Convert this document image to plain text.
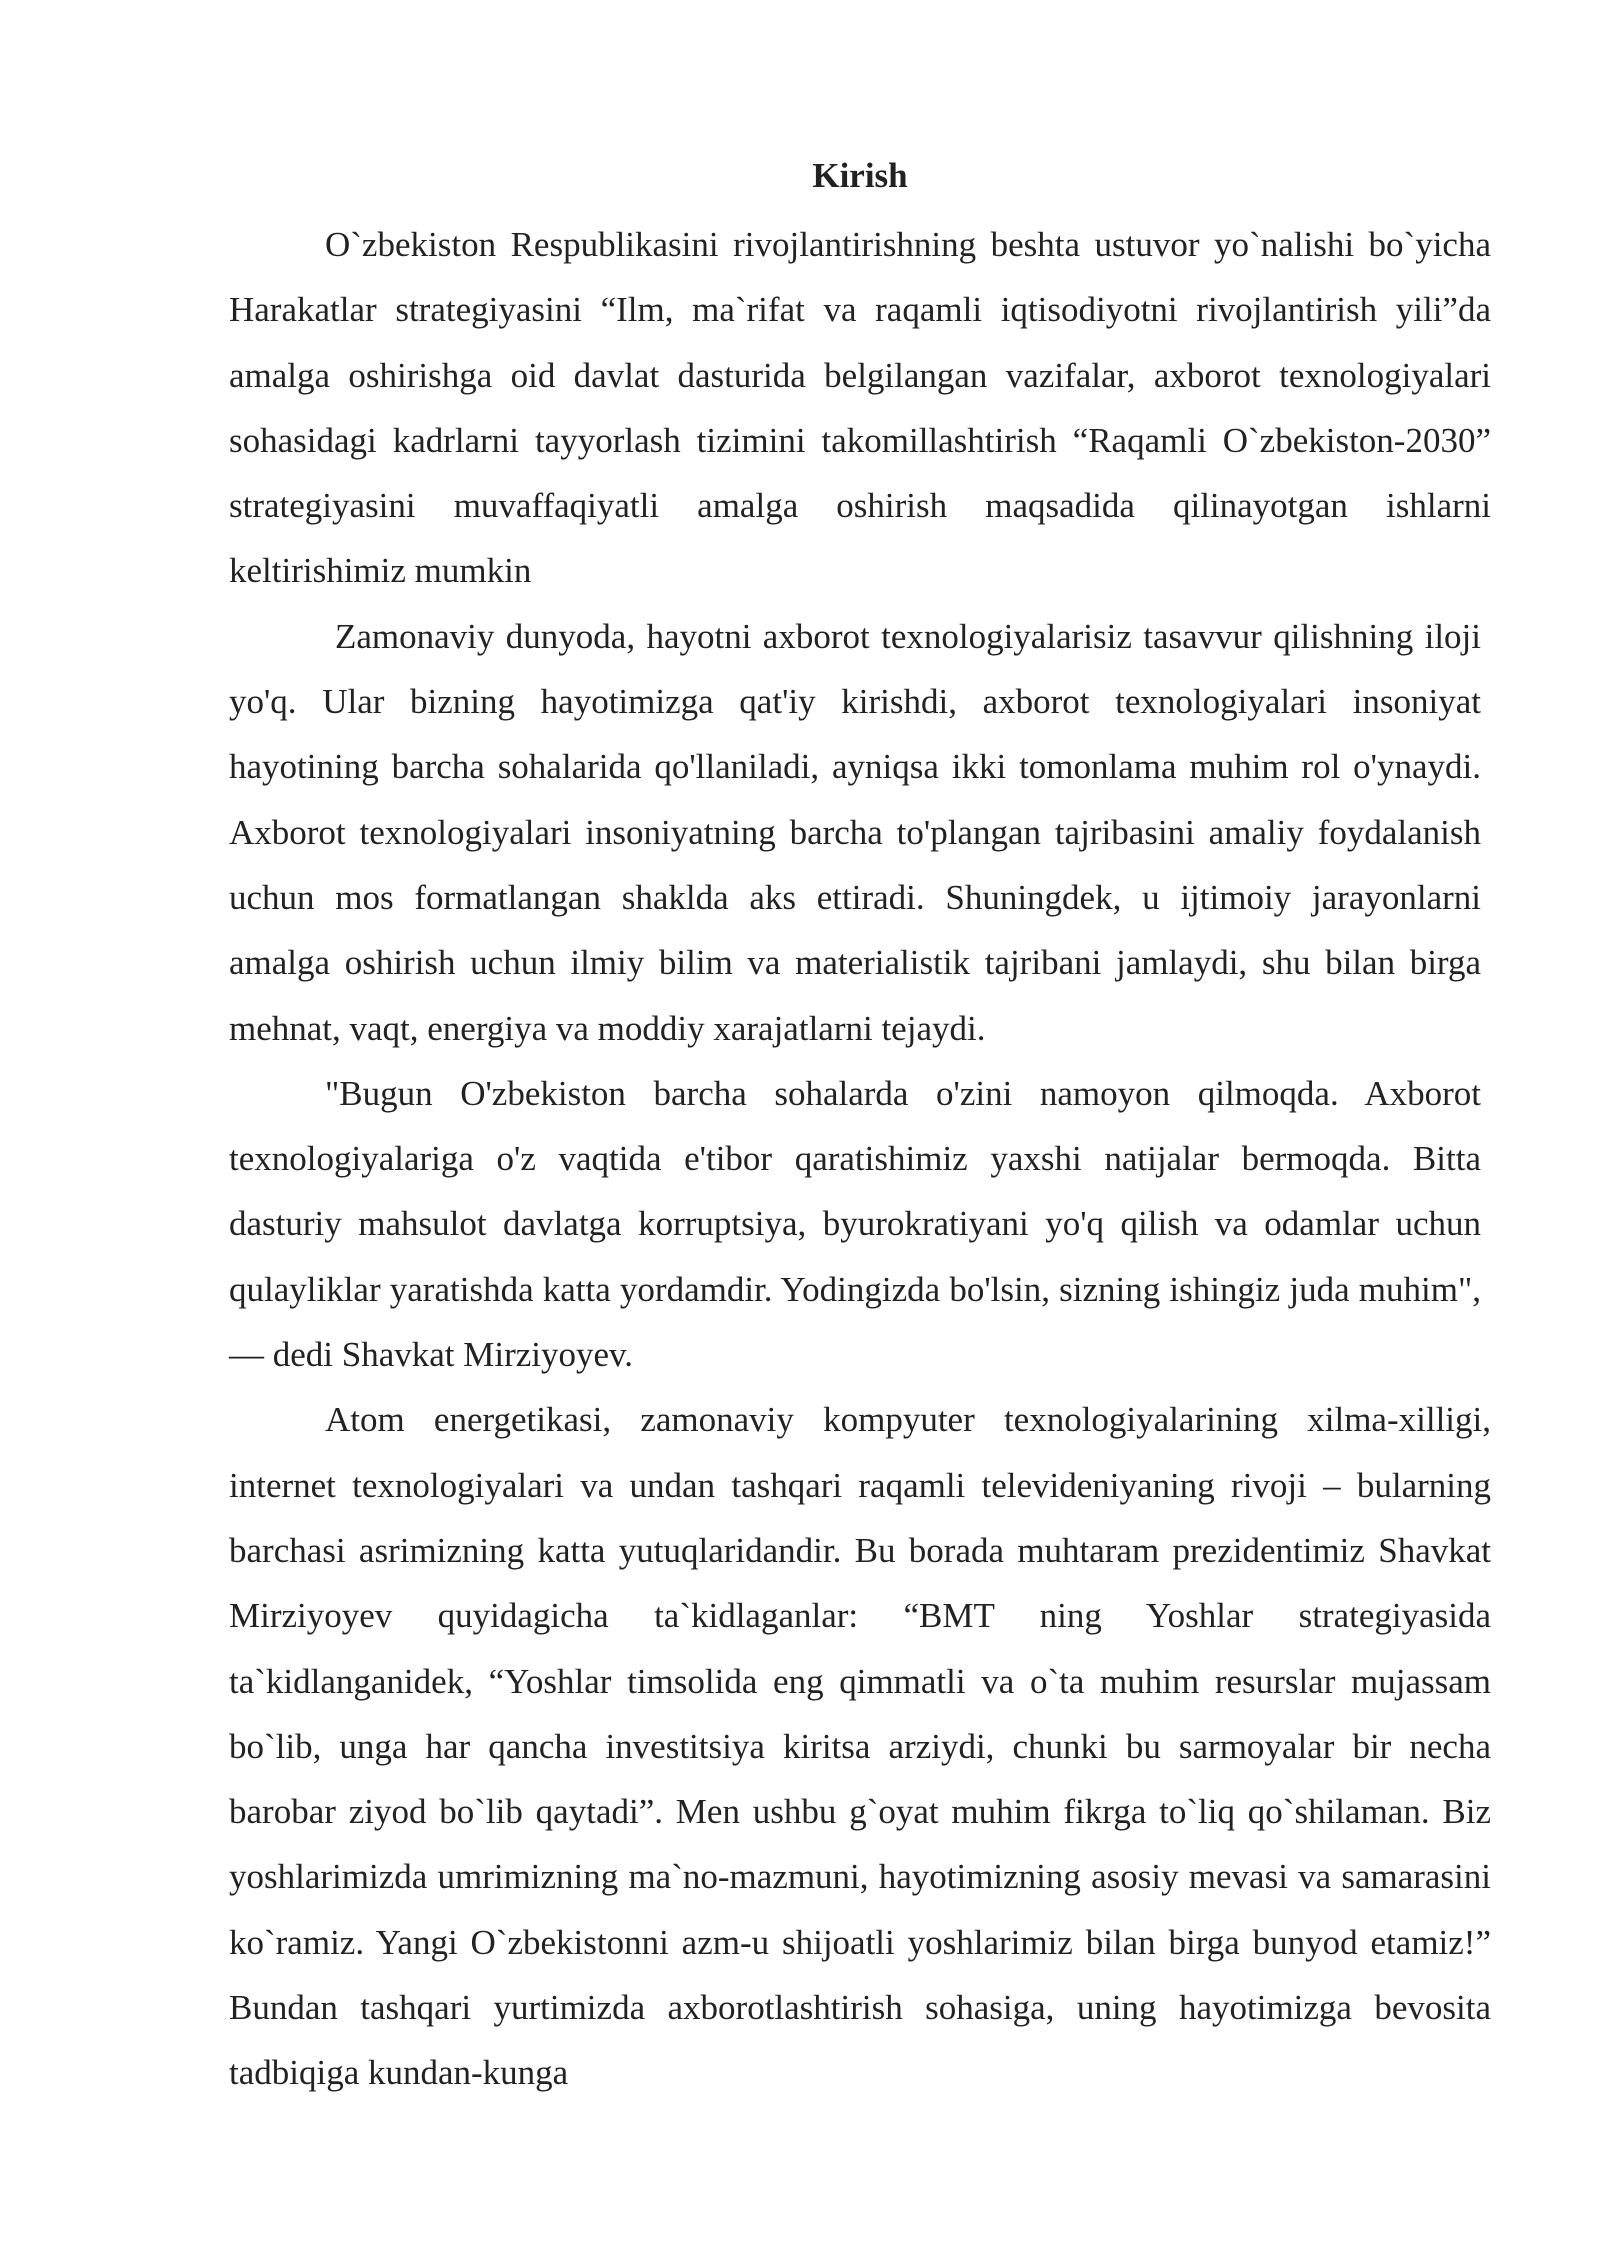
Kirish

O`zbekiston Respublikasini rivojlantirishning beshta ustuvor yo`nalishi bo`yicha Harakatlar strategiyasini “Ilm, ma`rifat va raqamli iqtisodiyotni rivojlantirish yili”da amalga oshirishga oid davlat dasturida belgilangan vazifalar, axborot texnologiyalari sohasidagi kadrlarni tayyorlash tizimini takomillashtirish “Raqamli O`zbekiston-2030” strategiyasini muvaffaqiyatli amalga oshirish maqsadida qilinayotgan ishlarni keltirishimiz mumkin

Zamonaviy dunyoda, hayotni axborot texnologiyalarisiz tasavvur qilishning iloji yo'q. Ular bizning hayotimizga qat'iy kirishdi, axborot texnologiyalari insoniyat hayotining barcha sohalarida qo'llaniladi, ayniqsa ikki tomonlama muhim rol o'ynaydi. Axborot texnologiyalari insoniyatning barcha to'plangan tajribasini amaliy foydalanish uchun mos formatlangan shaklda aks ettiradi. Shuningdek, u ijtimoiy jarayonlarni amalga oshirish uchun ilmiy bilim va materialistik tajribani jamlaydi, shu bilan birga mehnat, vaqt, energiya va moddiy xarajatlarni tejaydi.

"Bugun O'zbekiston barcha sohalarda o'zini namoyon qilmoqda. Axborot texnologiyalariga o'z vaqtida e'tibor qaratishimiz yaxshi natijalar bermoqda. Bitta dasturiy mahsulot davlatga korruptsiya, byurokratiyani yo'q qilish va odamlar uchun qulayliklar yaratishda katta yordamdir. Yodingizda bo'lsin, sizning ishingiz juda muhim", — dedi Shavkat Mirziyoyev.

Atom energetikasi, zamonaviy kompyuter texnologiyalarining xilma-xilligi, internet texnologiyalari va undan tashqari raqamli televideniyaning rivoji – bularning barchasi asrimizning katta yutuqlaridandir. Bu borada muhtaram prezidentimiz Shavkat Mirziyoyev quyidagicha ta`kidlaganlar: “BMT ning Yoshlar strategiyasida ta`kidlanganidek, “Yoshlar timsolida eng qimmatli va o`ta muhim resurslar mujassam bo`lib, unga har qancha investitsiya kiritsa arziydi, chunki bu sarmoyalar bir necha barobar ziyod bo`lib qaytadi”. Men ushbu g`oyat muhim fikrga to`liq qo`shilaman. Biz yoshlarimizda umrimizning ma`no-mazmuni, hayotimizning asosiy mevasi va samarasini ko`ramiz. Yangi O`zbekistonni azm-u shijoatli yoshlarimiz bilan birga bunyod etamiz!” Bundan tashqari yurtimizda axborotlashtirish sohasiga, uning hayotimizga bevosita tadbiqiga kundan-kunga
